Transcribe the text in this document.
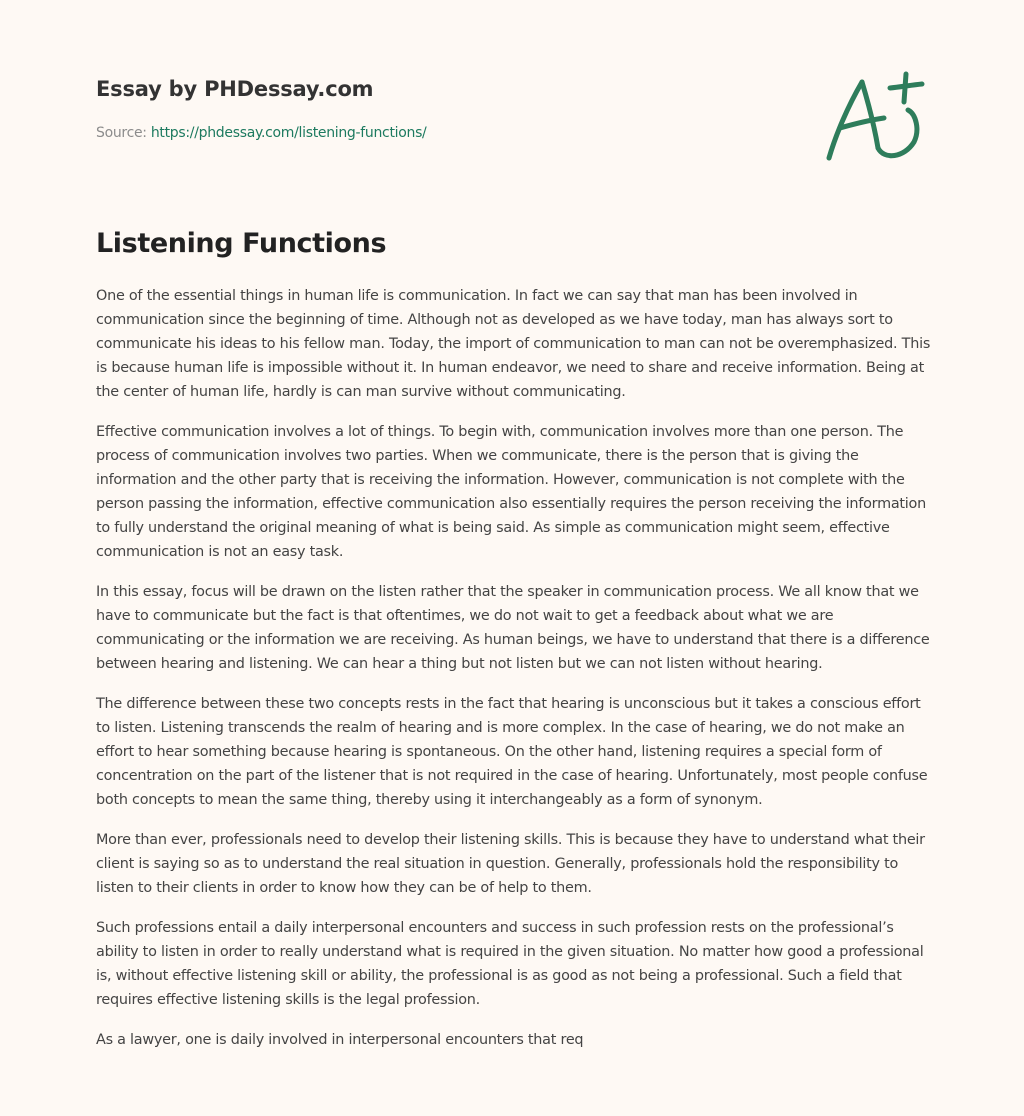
Essay by PHDessay.com
Source: https://phdessay.com/listening-functions/
Listening Functions

One of the essential things in human life is communication. In fact we can say that man has been involved in communication since the beginning of time. Although not as developed as we have today, man has always sort to communicate his ideas to his fellow man. Today, the import of communication to man can not be overemphasized. This is because human life is impossible without it. In human endeavor, we need to share and receive information. Being at the center of human life, hardly is can man survive without communicating.

Effective communication involves a lot of things. To begin with, communication involves more than one person. The process of communication involves two parties. When we communicate, there is the person that is giving the information and the other party that is receiving the information. However, communication is not complete with the person passing the information, effective communication also essentially requires the person receiving the information to fully understand the original meaning of what is being said. As simple as communication might seem, effective communication is not an easy task.

In this essay, focus will be drawn on the listen rather that the speaker in communication process. We all know that we have to communicate but the fact is that oftentimes, we do not wait to get a feedback about what we are communicating or the information we are receiving. As human beings, we have to understand that there is a difference between hearing and listening. We can hear a thing but not listen but we can not listen without hearing.

The difference between these two concepts rests in the fact that hearing is unconscious but it takes a conscious effort to listen. Listening transcends the realm of hearing and is more complex. In the case of hearing, we do not make an effort to hear something because hearing is spontaneous. On the other hand, listening requires a special form of concentration on the part of the listener that is not required in the case of hearing. Unfortunately, most people confuse both concepts to mean the same thing, thereby using it interchangeably as a form of synonym.

More than ever, professionals need to develop their listening skills. This is because they have to understand what their client is saying so as to understand the real situation in question. Generally, professionals hold the responsibility to listen to their clients in order to know how they can be of help to them.

Such professions entail a daily interpersonal encounters and success in such profession rests on the professional’s ability to listen in order to really understand what is required in the given situation. No matter how good a professional is, without effective listening skill or ability, the professional is as good as not being a professional. Such a field that requires effective listening skills is the legal profession.

As a lawyer, one is daily involved in interpersonal encounters that req
